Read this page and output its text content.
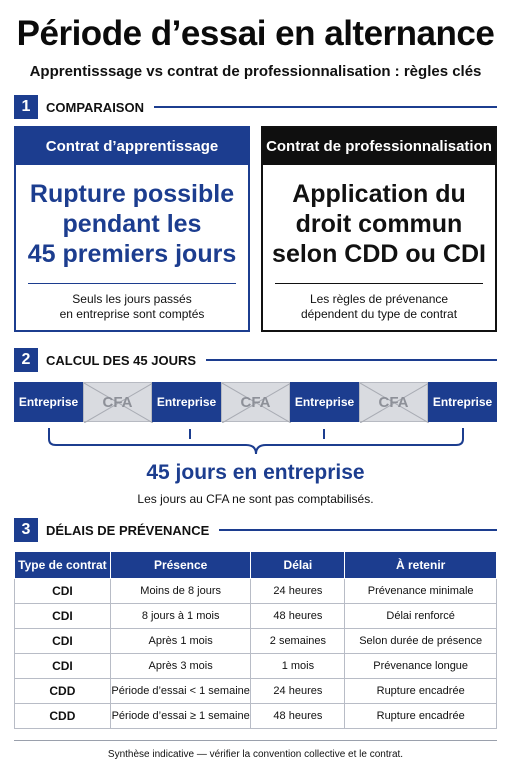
Période d’essai en alternance
Apprentisssage vs contrat de professionnalisation : règles clés
1	COMPARAISON
Contrat d’apprentissage
Rupture possible
pendant les
45 premiers jours
Seuls les jours passés
en entreprise sont comptés
Contrat de professionnalisation
Application du
droit commun
selon CDD ou CDI
Les règles de prévenance
dépendent du type de contrat
2	CALCUL DES 45 JOURS
Entreprise CFA Entreprise CFA Entreprise CFA Entreprise
45 jours en entreprise
Les jours au CFA ne sont pas comptabilisés.
3	DÉLAIS DE PRÉVENANCE
Type de contrat	Présence	Délai	À retenir
CDI	Moins de 8 jours	24 heures	Prévenance minimale
CDI	8 jours à 1 mois	48 heures	Délai renforcé
CDI	Après 1 mois	2 semaines	Selon durée de présence
CDI	Après 3 mois	1 mois	Prévenance longue
CDD	Période d’essai < 1 semaine	24 heures	Rupture encadrée
CDD	Période d’essai ≥ 1 semaine	48 heures	Rupture encadrée
Synthèse indicative — vérifier la convention collective et le contrat.
